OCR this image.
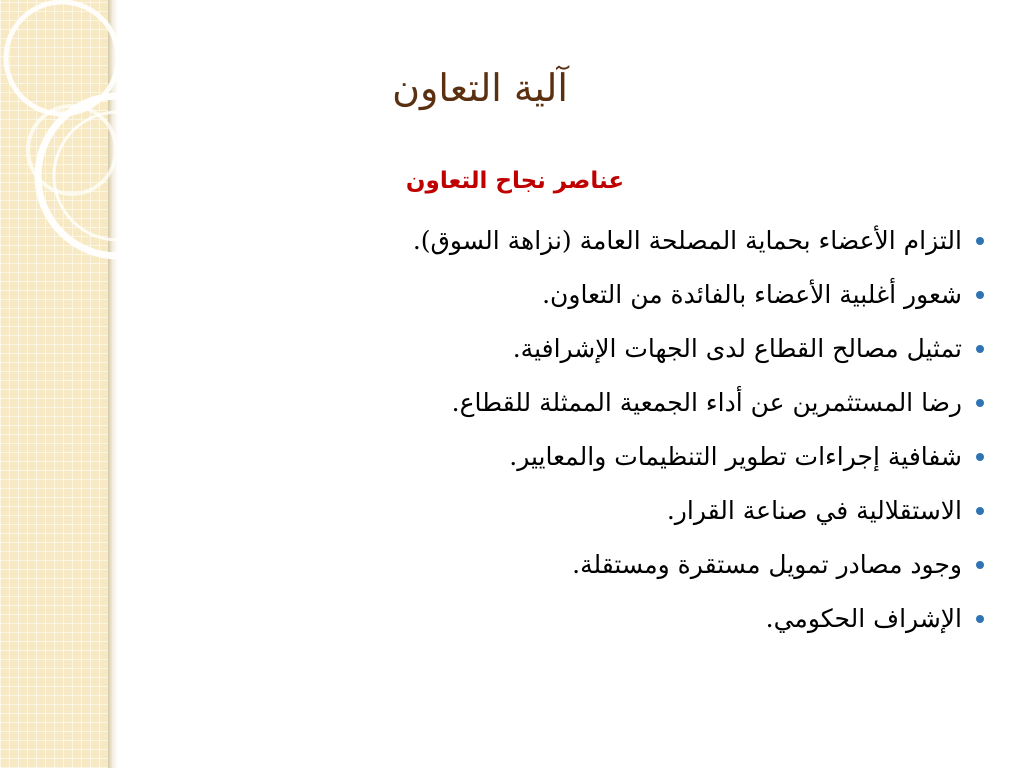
آلية التعاون
عناصر نجاح التعاون
التزام الأعضاء بحماية المصلحة العامة (نزاهة السوق).
شعور أغلبية الأعضاء بالفائدة من التعاون.
تمثيل مصالح القطاع لدى الجهات الإشرافية.
رضا المستثمرين عن أداء الجمعية الممثلة للقطاع.
شفافية إجراءات تطوير التنظيمات والمعايير.
الاستقلالية في صناعة القرار.
وجود مصادر تمويل مستقرة ومستقلة.
الإشراف الحكومي.
